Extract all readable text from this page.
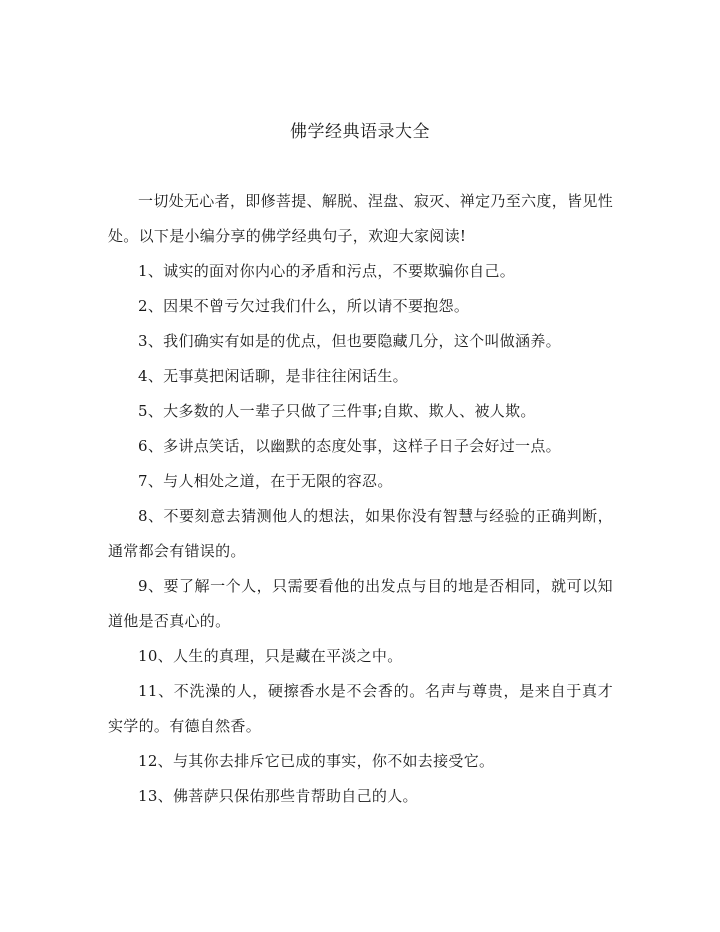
佛学经典语录大全

一切处无心者，即修菩提、解脱、涅盘、寂灭、禅定乃至六度，皆见性处。以下是小编分享的佛学经典句子，欢迎大家阅读!

1、诚实的面对你内心的矛盾和污点，不要欺骗你自己。

2、因果不曾亏欠过我们什么，所以请不要抱怨。

3、我们确实有如是的优点，但也要隐藏几分，这个叫做涵养。

4、无事莫把闲话聊，是非往往闲话生。

5、大多数的人一辈子只做了三件事;自欺、欺人、被人欺。

6、多讲点笑话，以幽默的态度处事，这样子日子会好过一点。

7、与人相处之道，在于无限的容忍。

8、不要刻意去猜测他人的想法，如果你没有智慧与经验的正确判断，通常都会有错误的。

9、要了解一个人，只需要看他的出发点与目的地是否相同，就可以知道他是否真心的。

10、人生的真理，只是藏在平淡之中。

11、不洗澡的人，硬擦香水是不会香的。名声与尊贵，是来自于真才实学的。有德自然香。

12、与其你去排斥它已成的事实，你不如去接受它。

13、佛菩萨只保佑那些肯帮助自己的人。
